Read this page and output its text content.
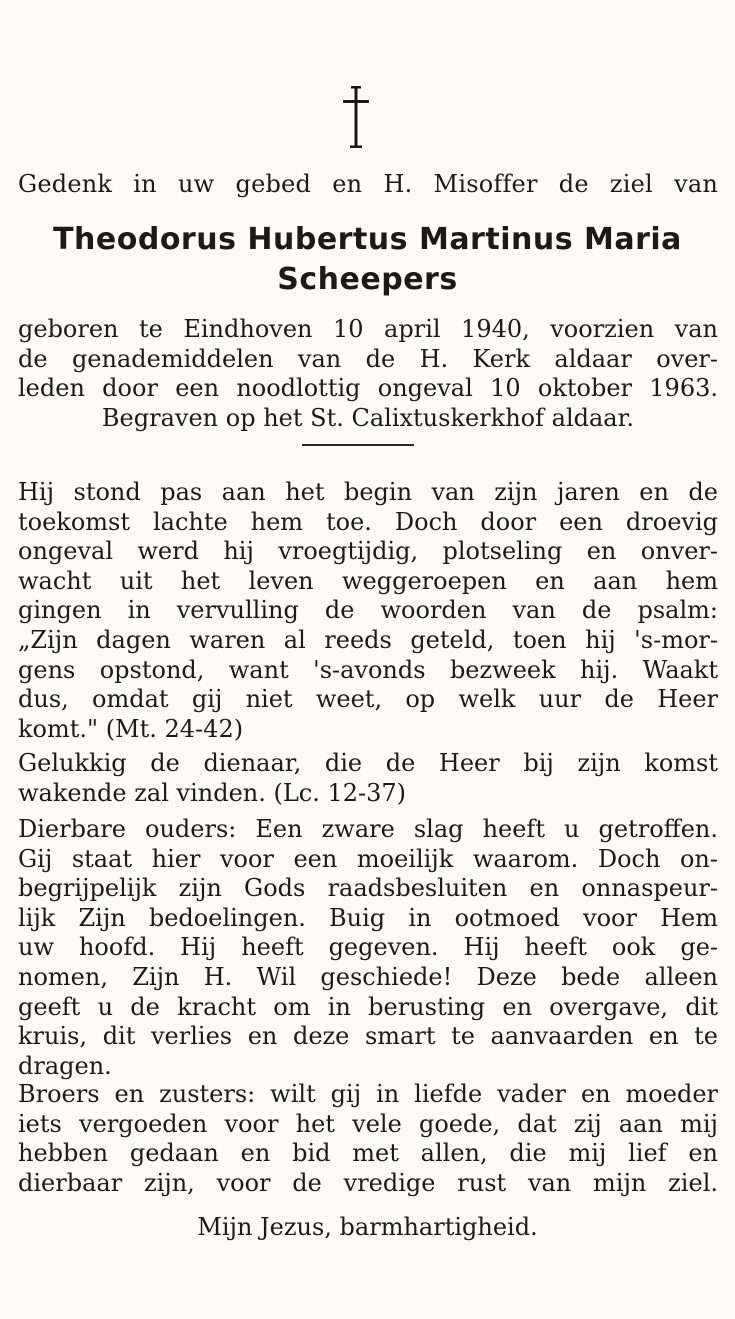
Gedenk in uw gebed en H. Misoffer de ziel van
Theodorus Hubertus Martinus Maria
Scheepers
geboren te Eindhoven 10 april 1940, voorzien van
de genademiddelen van de H. Kerk aldaar over-
leden door een noodlottig ongeval 10 oktober 1963.
Begraven op het St. Calixtuskerkhof aldaar.
Hij stond pas aan het begin van zijn jaren en de
toekomst lachte hem toe. Doch door een droevig
ongeval werd hij vroegtijdig, plotseling en onver-
wacht uit het leven weggeroepen en aan hem
gingen in vervulling de woorden van de psalm:
„Zijn dagen waren al reeds geteld, toen hij 's-mor-
gens opstond, want 's-avonds bezweek hij. Waakt
dus, omdat gij niet weet, op welk uur de Heer
komt." (Mt. 24-42)
Gelukkig de dienaar, die de Heer bij zijn komst
wakende zal vinden. (Lc. 12-37)
Dierbare ouders: Een zware slag heeft u getroffen.
Gij staat hier voor een moeilijk waarom. Doch on-
begrijpelijk zijn Gods raadsbesluiten en onnaspeur-
lijk Zijn bedoelingen. Buig in ootmoed voor Hem
uw hoofd. Hij heeft gegeven. Hij heeft ook ge-
nomen, Zijn H. Wil geschiede! Deze bede alleen
geeft u de kracht om in berusting en overgave, dit
kruis, dit verlies en deze smart te aanvaarden en te
dragen.
Broers en zusters: wilt gij in liefde vader en moeder
iets vergoeden voor het vele goede, dat zij aan mij
hebben gedaan en bid met allen, die mij lief en
dierbaar zijn, voor de vredige rust van mijn ziel.
Mijn Jezus, barmhartigheid.
